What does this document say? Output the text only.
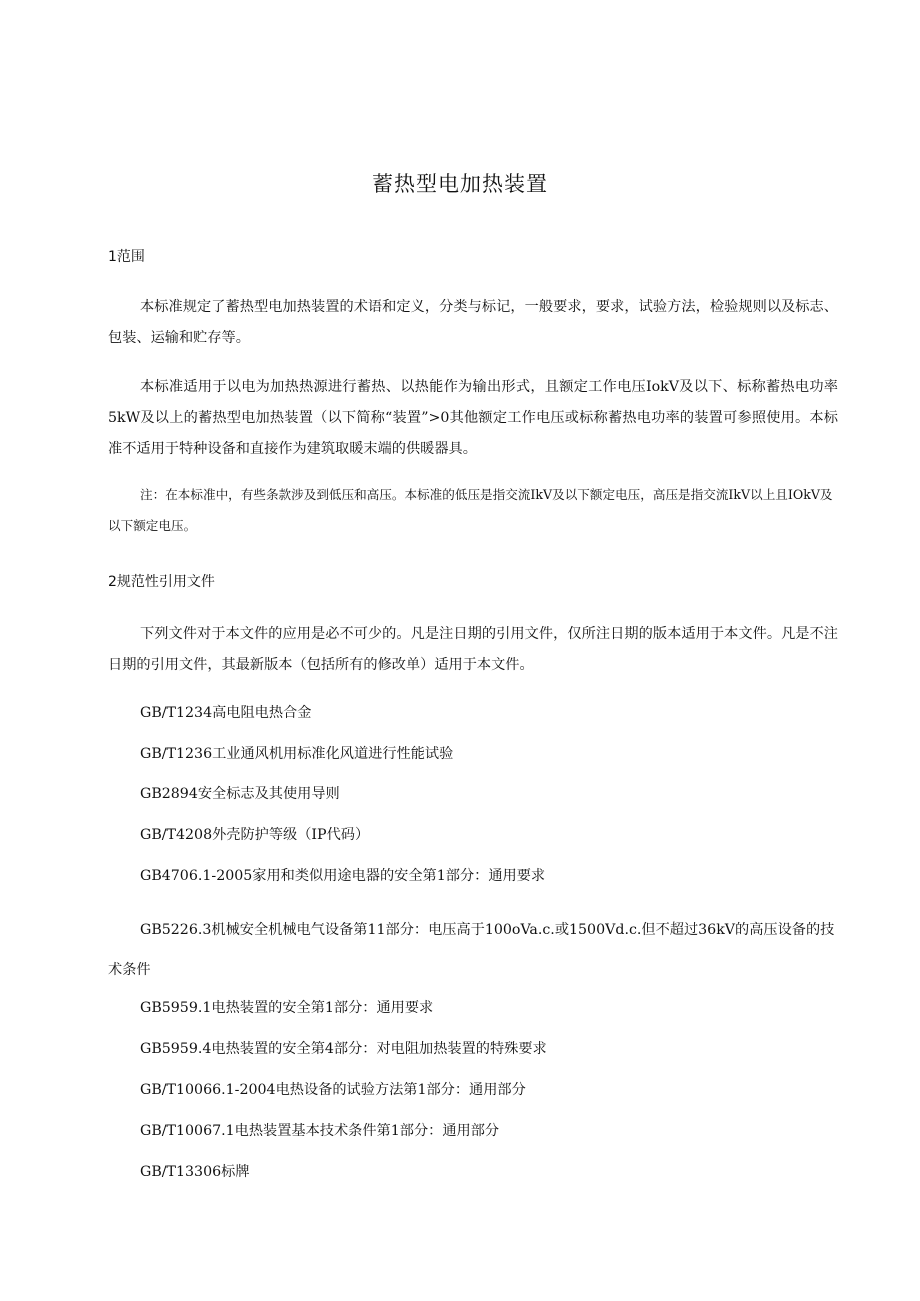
蓄热型电加热装置
1范围

本标准规定了蓄热型电加热装置的术语和定义，分类与标记，一般要求，要求，试验方法，检验规则以及标志、包装、运输和贮存等。

本标准适用于以电为加热热源进行蓄热、以热能作为输出形式，且额定工作电压IokV及以下、标称蓄热电功率5kW及以上的蓄热型电加热装置（以下简称“装置”>0其他额定工作电压或标称蓄热电功率的装置可参照使用。本标准不适用于特种设备和直接作为建筑取暖末端的供暖器具。

注：在本标准中，有些条款涉及到低压和高压。本标准的低压是指交流IkV及以下额定电压，高压是指交流IkV以上且IOkV及以下额定电压。

2规范性引用文件

下列文件对于本文件的应用是必不可少的。凡是注日期的引用文件，仅所注日期的版本适用于本文件。凡是不注日期的引用文件，其最新版本（包括所有的修改单）适用于本文件。

GB/T1234高电阻电热合金

GB/T1236工业通风机用标准化风道进行性能试验

GB2894安全标志及其使用导则

GB/T4208外壳防护等级（IP代码）

GB4706.1-2005家用和类似用途电器的安全第1部分：通用要求

GB5226.3机械安全机械电气设备第11部分：电压高于100oVa.c.或1500Vd.c.但不超过36kV的高压设备的技术条件

GB5959.1电热装置的安全第1部分：通用要求

GB5959.4电热装置的安全第4部分：对电阻加热装置的特殊要求

GB/T10066.1-2004电热设备的试验方法第1部分：通用部分

GB/T10067.1电热装置基本技术条件第1部分：通用部分

GB/T13306标牌
